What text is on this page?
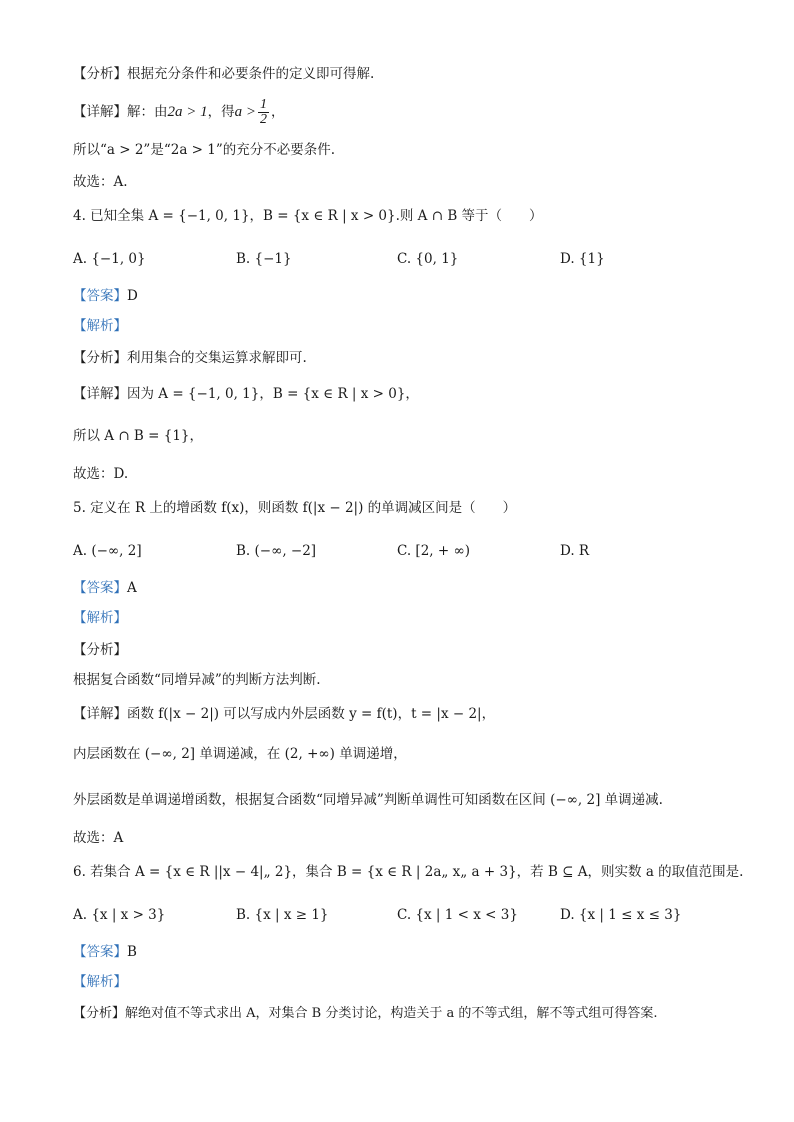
【分析】根据充分条件和必要条件的定义即可得解.
【详解】解：由2a > 1，得$a > \frac{1}{2}$ ，
所以“a > 2”是“2a > 1”的充分不必要条件.
故选：A.
4. 已知全集 A = {−1, 0, 1}，B = {x ∈ R | x > 0}.则 A ∩ B 等于（　　）
A. {−1, 0}	B. {−1}	C. {0, 1}	D. {1}
【答案】D
【解析】
【分析】利用集合的交集运算求解即可.
【详解】因为 A = {−1, 0, 1}，B = {x ∈ R | x > 0}，
所以 A ∩ B = {1}，
故选：D.
5. 定义在 R 上的增函数 f(x)，则函数 f(|x − 2|) 的单调减区间是（　　）
A. (−∞, 2]	B. (−∞, −2]	C. [2, + ∞)	D. R
【答案】A
【解析】
【分析】
根据复合函数“同增异减”的判断方法判断.
【详解】函数 f(|x − 2|) 可以写成内外层函数 y = f(t)，t = |x − 2|，
内层函数在 (−∞, 2] 单调递减，在 (2, +∞) 单调递增，
外层函数是单调递增函数，根据复合函数“同增异减”判断单调性可知函数在区间 (−∞, 2] 单调递减.
故选：A
6. 若集合 A = {x ∈ R ||x − 4|„ 2}，集合 B = {x ∈ R | 2a„ x„ a + 3}，若 B ⊆ A，则实数 a 的取值范围是.
A. {x | x > 3}	B. {x | x ≥ 1}	C. {x | 1 < x < 3}	D. {x | 1 ≤ x ≤ 3}
【答案】B
【解析】
【分析】解绝对值不等式求出 A，对集合 B 分类讨论，构造关于 a 的不等式组，解不等式组可得答案.
